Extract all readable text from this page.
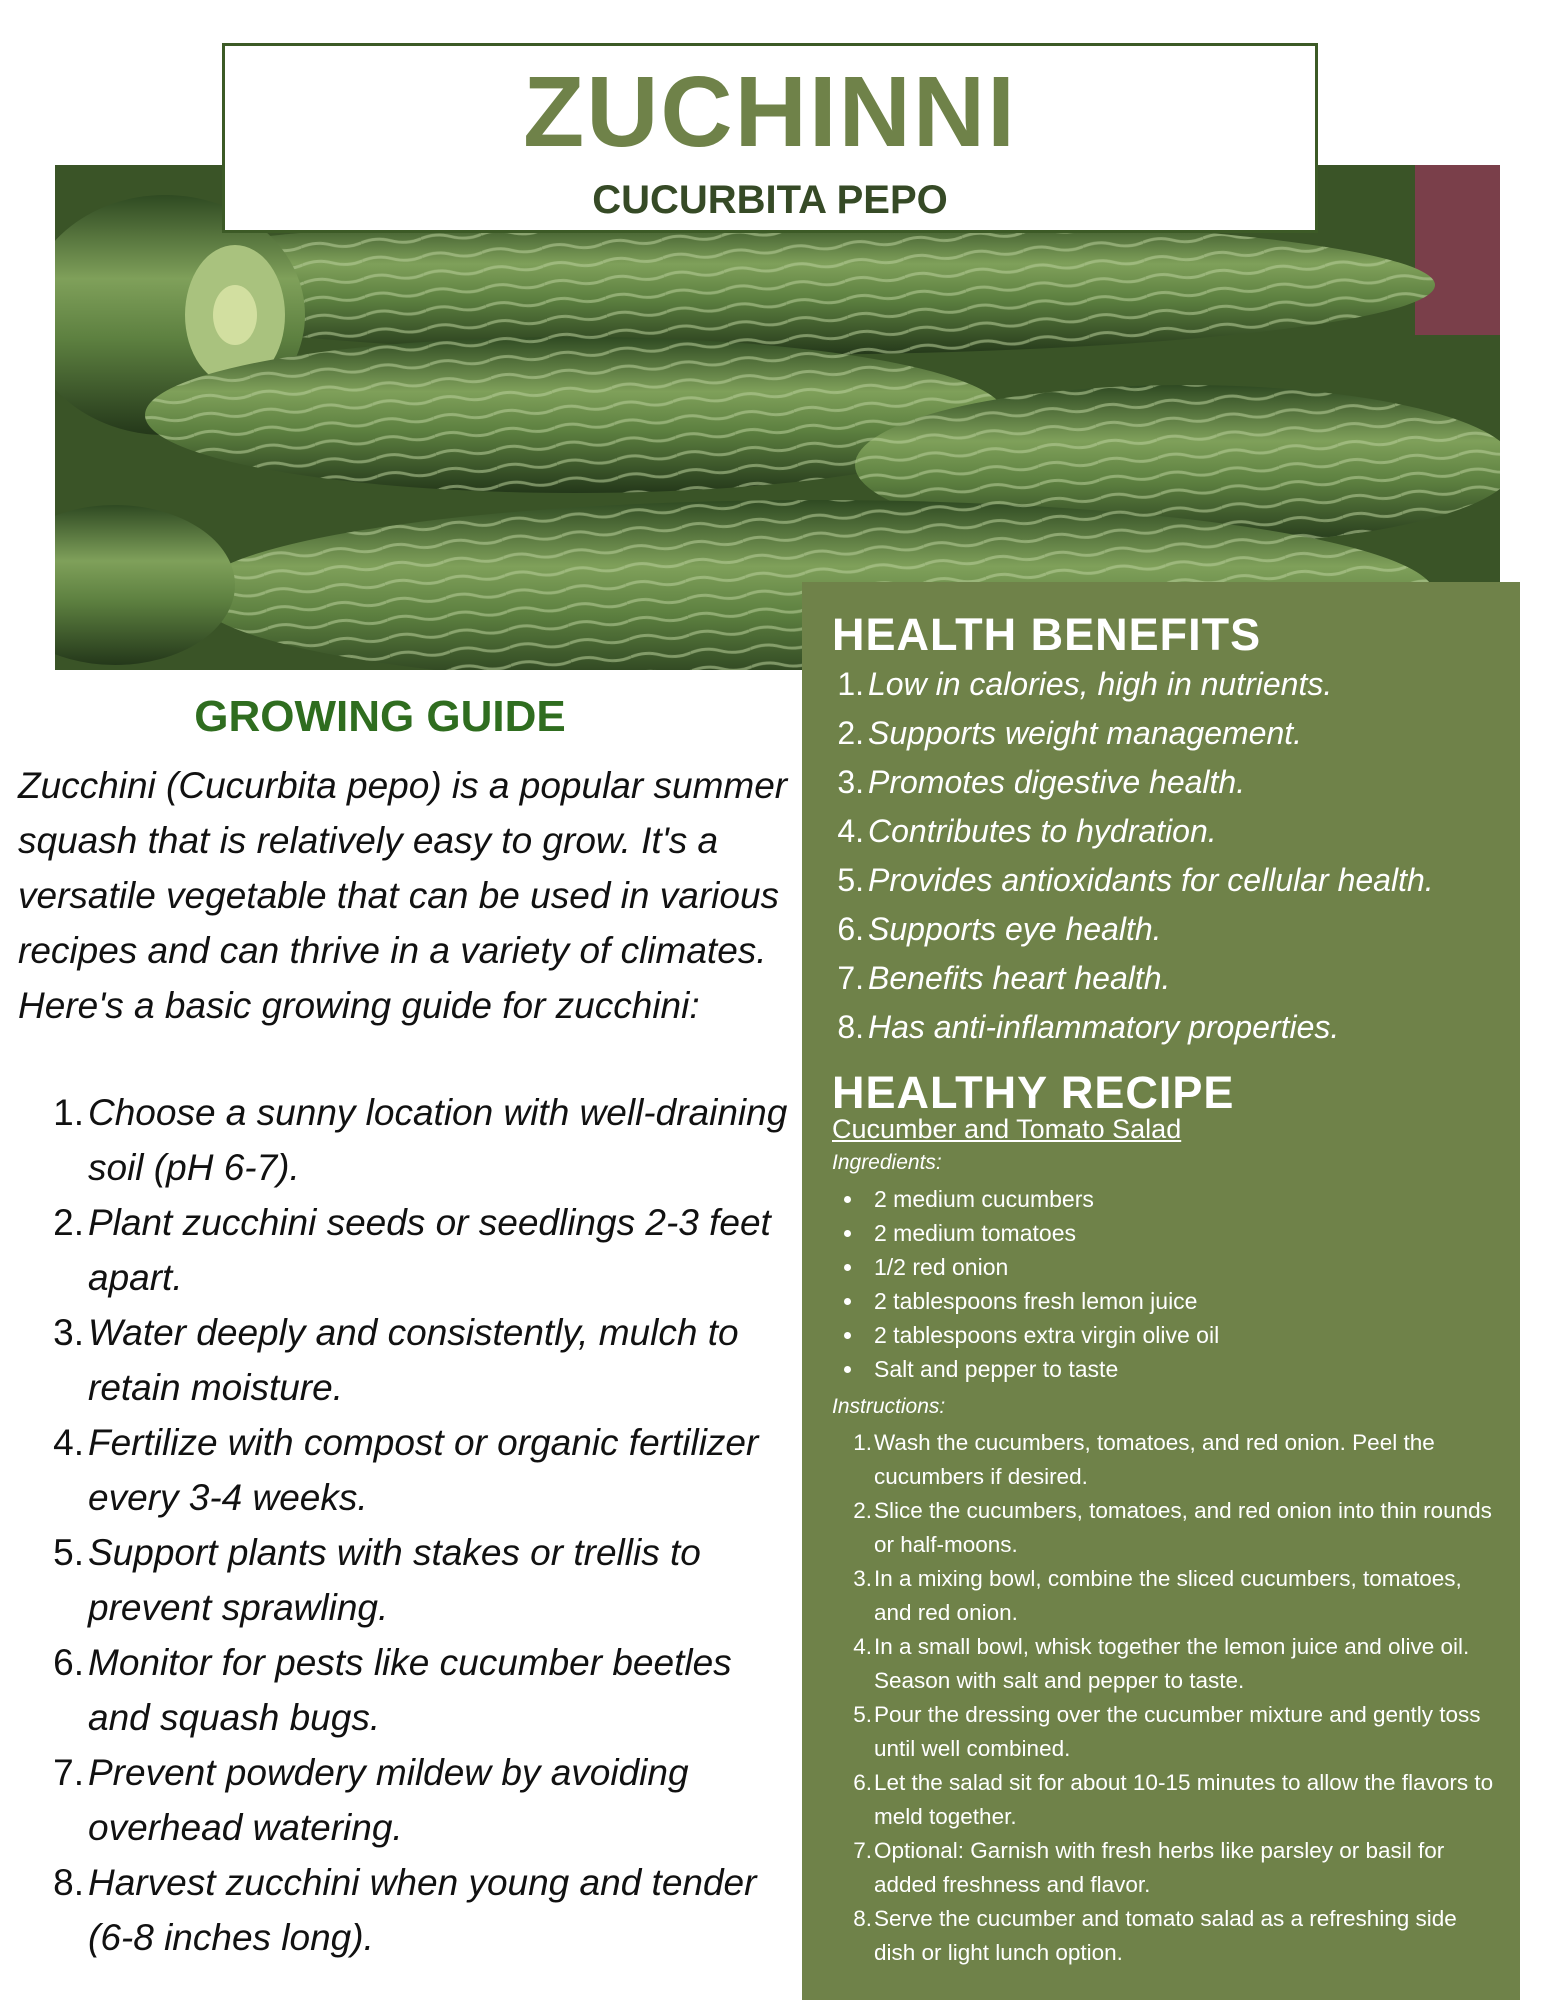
ZUCHINNI
CUCURBITA PEPO
GROWING GUIDE
Zucchini (Cucurbita pepo) is a popular summer squash that is relatively easy to grow. It's a versatile vegetable that can be used in various recipes and can thrive in a variety of climates. Here's a basic growing guide for zucchini:
1. Choose a sunny location with well-draining soil (pH 6-7).
2. Plant zucchini seeds or seedlings 2-3 feet apart.
3. Water deeply and consistently, mulch to retain moisture.
4. Fertilize with compost or organic fertilizer every 3-4 weeks.
5. Support plants with stakes or trellis to prevent sprawling.
6. Monitor for pests like cucumber beetles and squash bugs.
7. Prevent powdery mildew by avoiding overhead watering.
8. Harvest zucchini when young and tender (6-8 inches long).
HEALTH BENEFITS
1. Low in calories, high in nutrients.
2. Supports weight management.
3. Promotes digestive health.
4. Contributes to hydration.
5. Provides antioxidants for cellular health.
6. Supports eye health.
7. Benefits heart health.
8. Has anti-inflammatory properties.
HEALTHY RECIPE
Cucumber and Tomato Salad
Ingredients:
2 medium cucumbers
2 medium tomatoes
1/2 red onion
2 tablespoons fresh lemon juice
2 tablespoons extra virgin olive oil
Salt and pepper to taste
Instructions:
1. Wash the cucumbers, tomatoes, and red onion. Peel the cucumbers if desired.
2. Slice the cucumbers, tomatoes, and red onion into thin rounds or half-moons.
3. In a mixing bowl, combine the sliced cucumbers, tomatoes, and red onion.
4. In a small bowl, whisk together the lemon juice and olive oil. Season with salt and pepper to taste.
5. Pour the dressing over the cucumber mixture and gently toss until well combined.
6. Let the salad sit for about 10-15 minutes to allow the flavors to meld together.
7. Optional: Garnish with fresh herbs like parsley or basil for added freshness and flavor.
8. Serve the cucumber and tomato salad as a refreshing side dish or light lunch option.
